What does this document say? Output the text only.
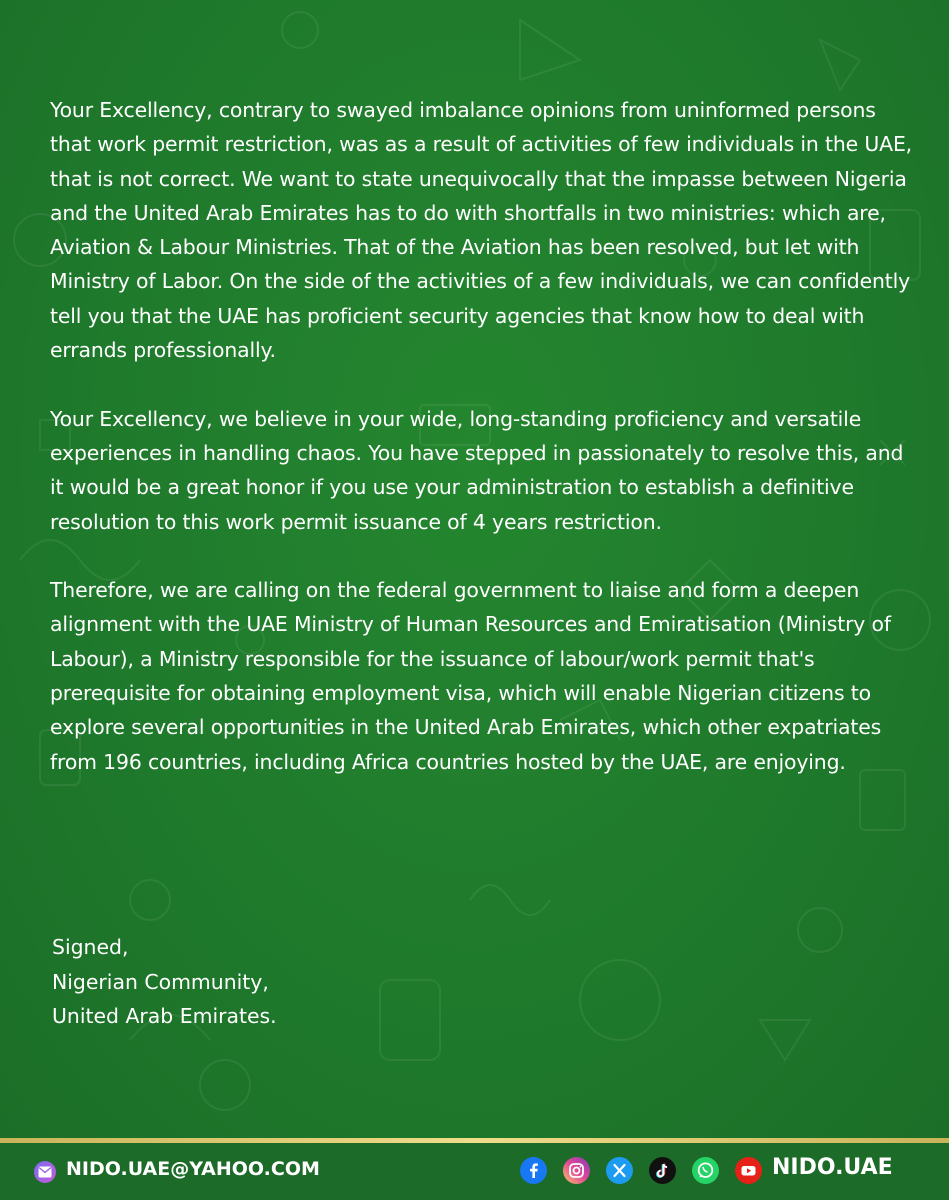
Your Excellency, contrary to swayed imbalance opinions from uninformed persons that work permit restriction, was as a result of activities of few individuals in the UAE, that is not correct. We want to state unequivocally that the impasse between Nigeria and the United Arab Emirates has to do with shortfalls in two ministries: which are, Aviation & Labour Ministries. That of the Aviation has been resolved, but let with Ministry of Labor. On the side of the activities of a few individuals, we can confidently tell you that the UAE has proficient security agencies that know how to deal with errands professionally.

Your Excellency, we believe in your wide, long-standing proficiency and versatile experiences in handling chaos. You have stepped in passionately to resolve this, and it would be a great honor if you use your administration to establish a definitive resolution to this work permit issuance of 4 years restriction.

Therefore, we are calling on the federal government to liaise and form a deepen alignment with the UAE Ministry of Human Resources and Emiratisation (Ministry of Labour), a Ministry responsible for the issuance of labour/work permit that's prerequisite for obtaining employment visa, which will enable Nigerian citizens to explore several opportunities in the United Arab Emirates, which other expatriates from 196 countries, including Africa countries hosted by the UAE, are enjoying.

Signed,
Nigerian Community,
United Arab Emirates.
NIDO.UAE@YAHOO.COM	NIDO.UAE
